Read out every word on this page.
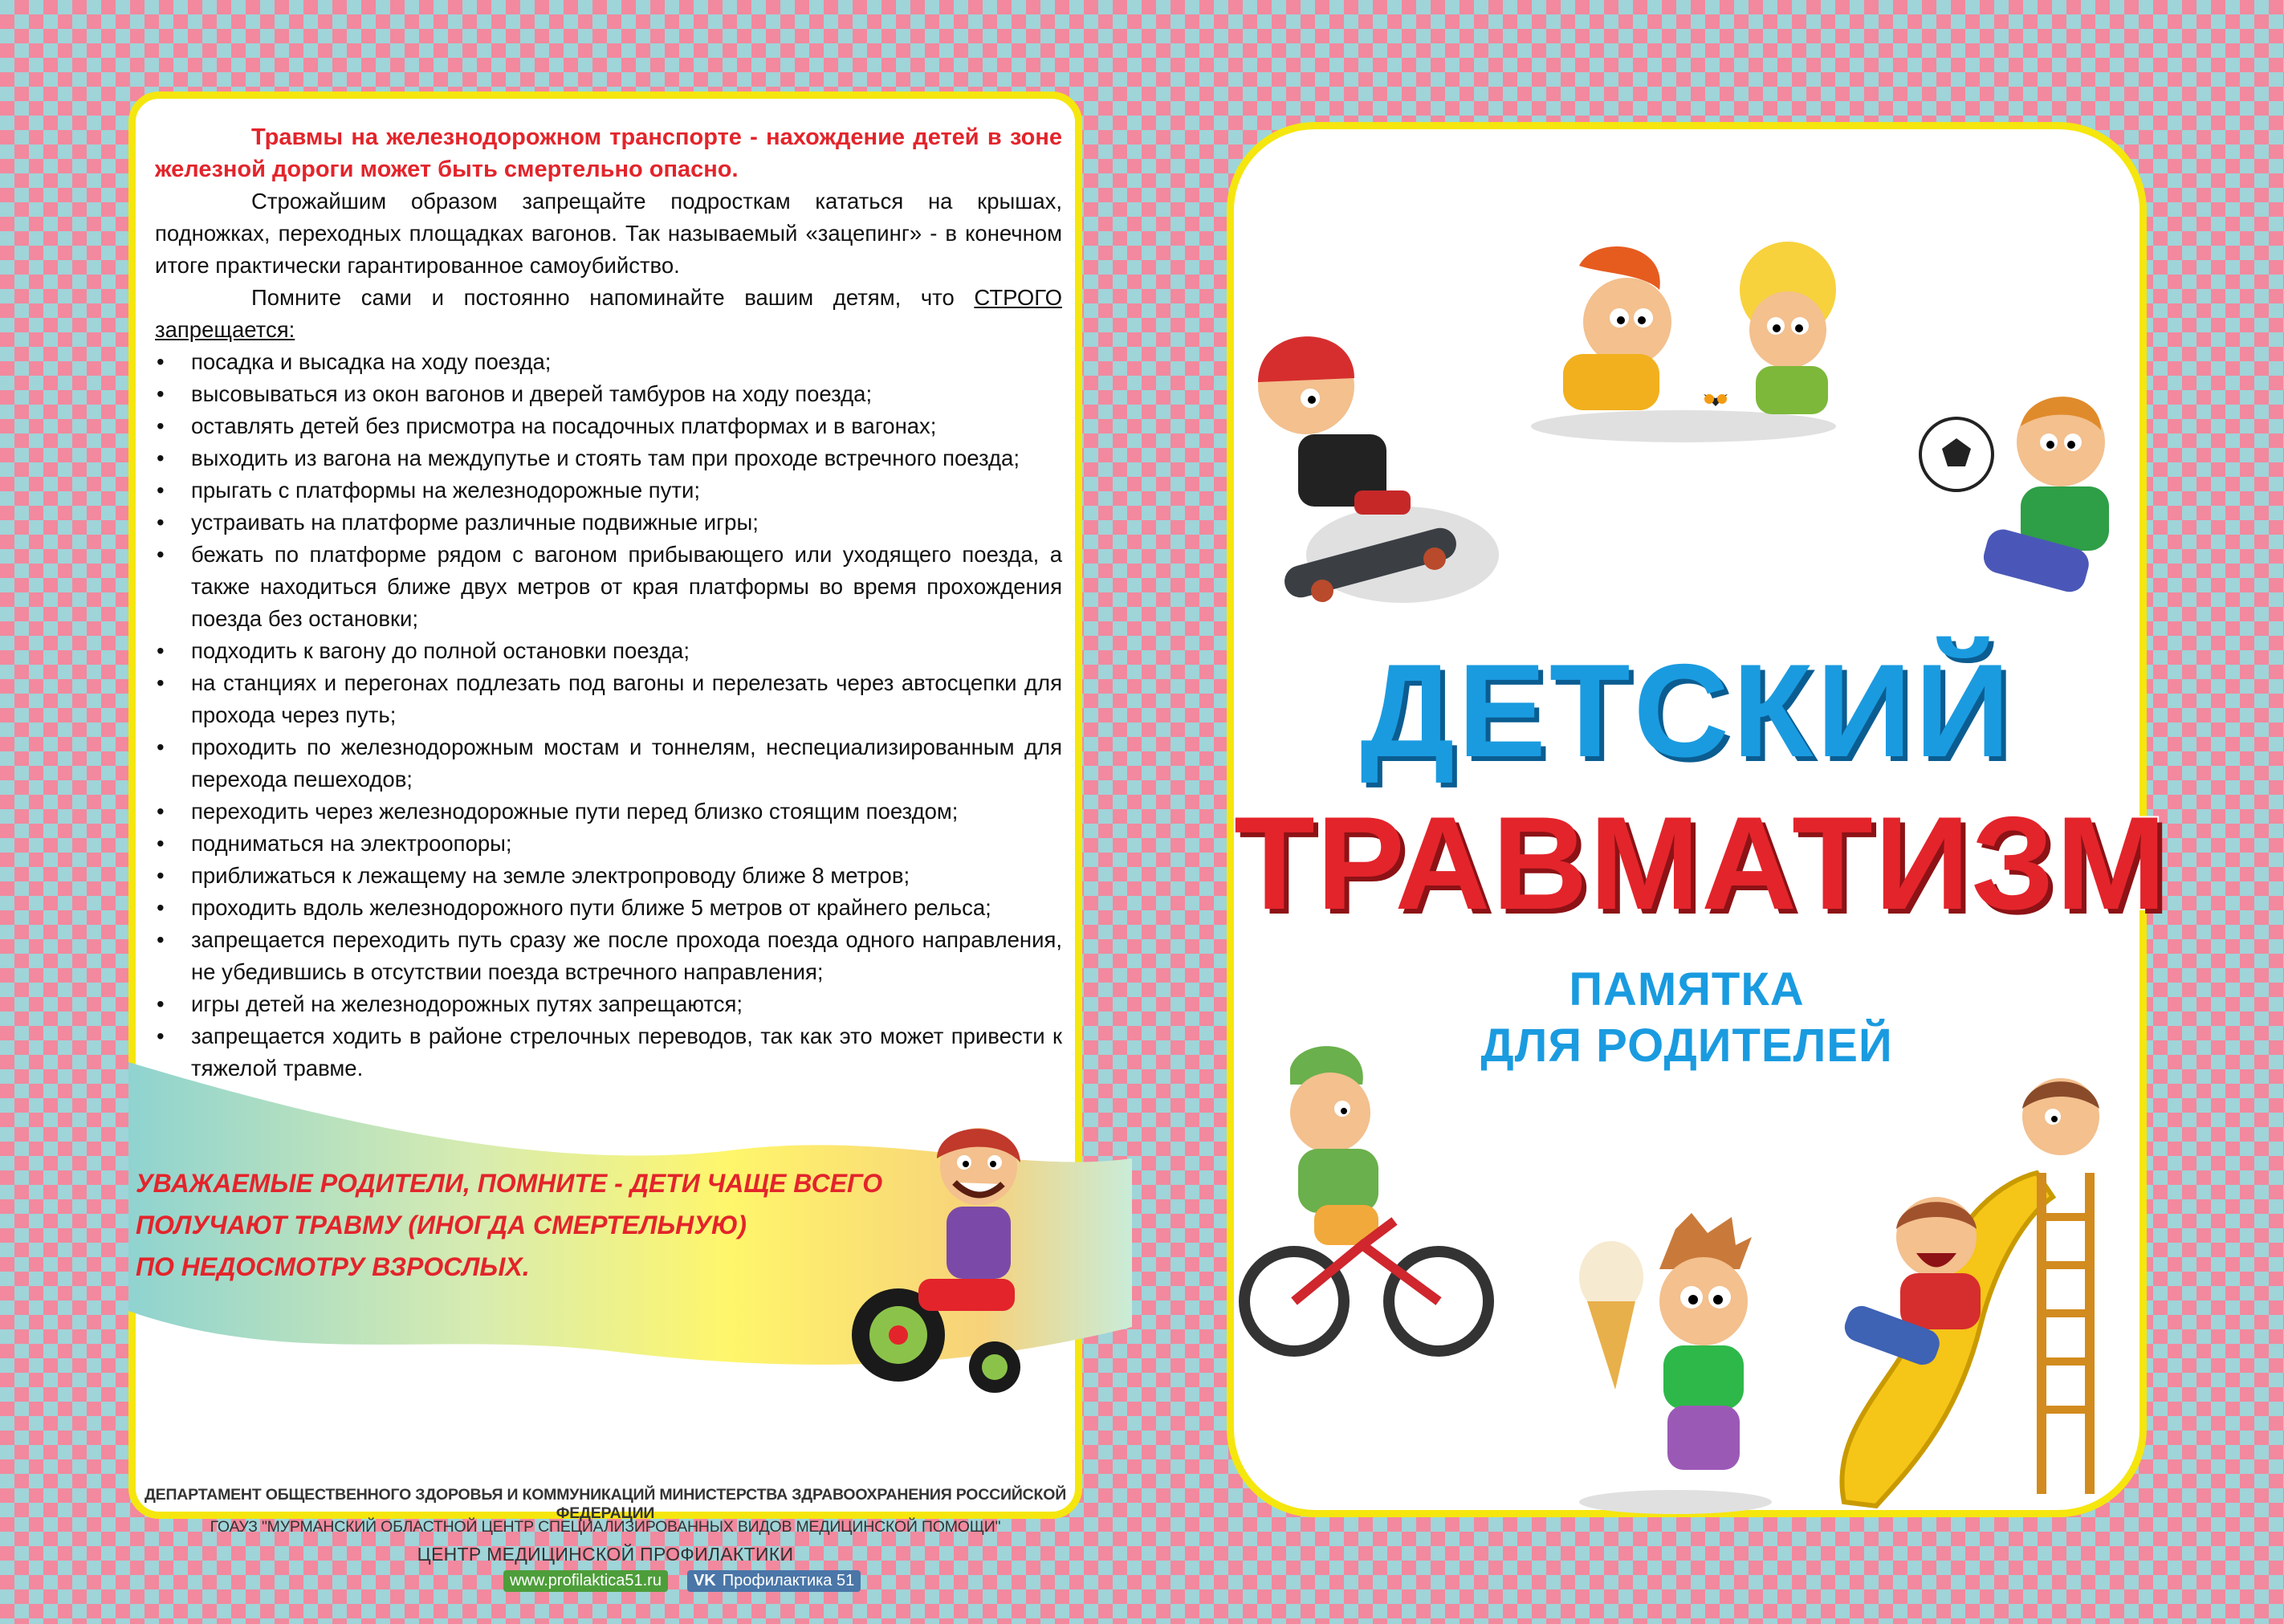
Травмы на железнодорожном транспорте - нахождение детей в зоне железной дороги может быть смертельно опасно.

Строжайшим образом запрещайте подросткам кататься на крышах, подножках, переходных площадках вагонов. Так называемый «зацепинг» - в конечном итоге практически гарантированное самоубийство.

Помните сами и постоянно напоминайте вашим детям, что СТРОГО запрещается:

• посадка и высадка на ходу поезда;
• высовываться из окон вагонов и дверей тамбуров на ходу поезда;
• оставлять детей без присмотра на посадочных платформах и в вагонах;
• выходить из вагона на междупутье и стоять там при проходе встречного поезда;
• прыгать с платформы на железнодорожные пути;
• устраивать на платформе различные подвижные игры;
• бежать по платформе рядом с вагоном прибывающего или уходящего поезда, а также находиться ближе двух метров от края платформы во время прохождения поезда без остановки;
• подходить к вагону до полной остановки поезда;
• на станциях и перегонах подлезать под вагоны и перелезать через автосцепки для прохода через путь;
• проходить по железнодорожным мостам и тоннелям, неспециализированным для перехода пешеходов;
• переходить через железнодорожные пути перед близко стоящим поездом;
• подниматься на электроопоры;
• приближаться к лежащему на земле электропроводу ближе 8 метров;
• проходить вдоль железнодорожного пути ближе 5 метров от крайнего рельса;
• запрещается переходить путь сразу же после прохода поезда одного направления, не убедившись в отсутствии поезда встречного направления;
• игры детей на железнодорожных путях запрещаются;
• запрещается ходить в районе стрелочных переводов, так как это может привести к тяжелой травме.
УВАЖАЕМЫЕ РОДИТЕЛИ, ПОМНИТЕ - ДЕТИ ЧАЩЕ ВСЕГО
ПОЛУЧАЮТ ТРАВМУ (ИНОГДА СМЕРТЕЛЬНУЮ)
ПО НЕДОСМОТРУ ВЗРОСЛЫХ.
ДЕПАРТАМЕНТ ОБЩЕСТВЕННОГО ЗДОРОВЬЯ И КОММУНИКАЦИЙ МИНИСТЕРСТВА ЗДРАВООХРАНЕНИЯ РОССИЙСКОЙ ФЕДЕРАЦИИ
ГОАУЗ "МУРМАНСКИЙ ОБЛАСТНОЙ ЦЕНТР СПЕЦИАЛИЗИРОВАННЫХ ВИДОВ МЕДИЦИНСКОЙ ПОМОЩИ"
ЦЕНТР МЕДИЦИНСКОЙ ПРОФИЛАКТИКИ
www.profilaktica51.ru	VK Профилактика 51
ДЕТСКИЙ
ТРАВМАТИЗМ
ПАМЯТКА
ДЛЯ РОДИТЕЛЕЙ
